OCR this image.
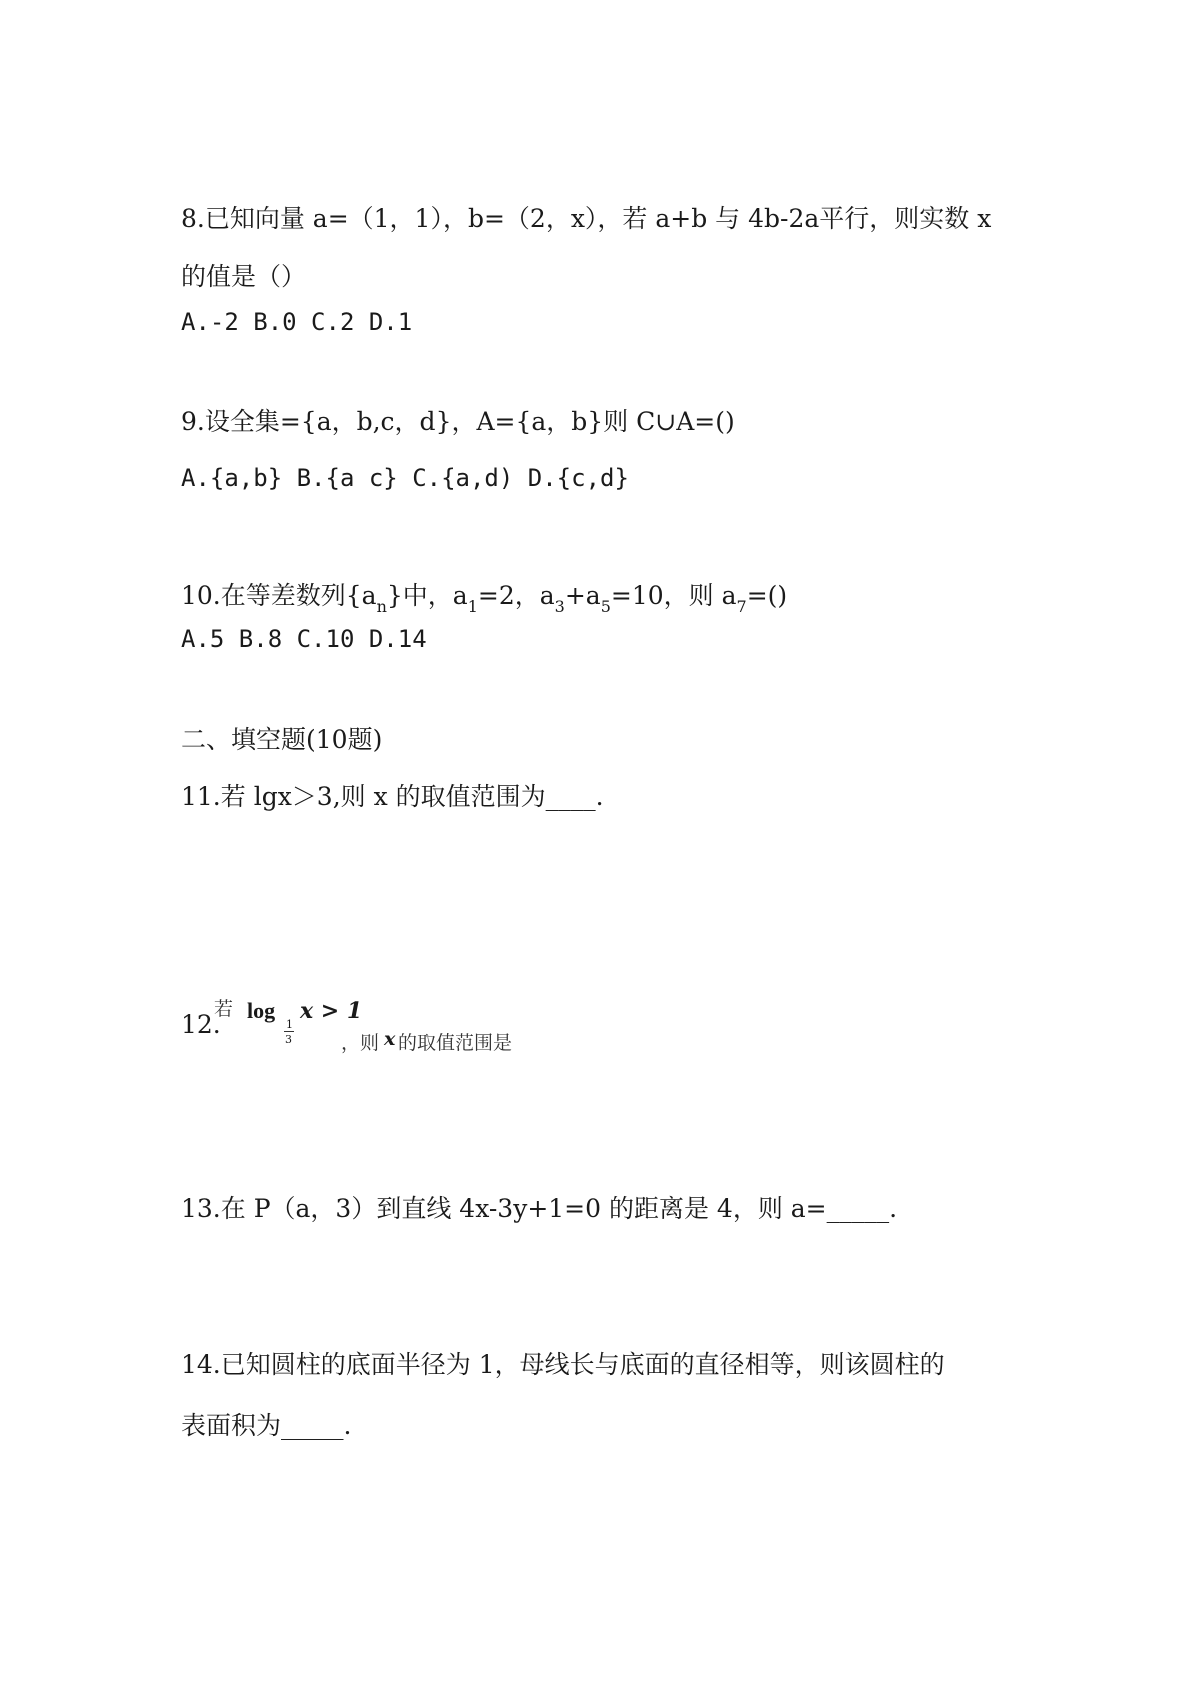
8.已知向量 a=（1，1），b=（2，x），若 a+b 与 4b-2a平行，则实数 x
的值是（）
A.-2 B.0 C.2 D.1
9.设全集={a，b,c，d}，A={a，b}则 C∪A=()
A.{a,b} B.{a c} C.{a,d) D.{c,d}
10.在等差数列$\{a_n\}$中，$a_1=2$，$a_3+a_5=10$，则 $a_7=()$
A.5 B.8 C.10 D.14
二、填空题(10题)
11.若 lgx＞3,则 x 的取值范围为____.
12.
若 log
1
3
x > 1
，则 x 的取值范围是
13.在 P（a，3）到直线 4x-3y+1=0 的距离是 4，则 a=_____.
14.已知圆柱的底面半径为 1，母线长与底面的直径相等，则该圆柱的
表面积为_____.
